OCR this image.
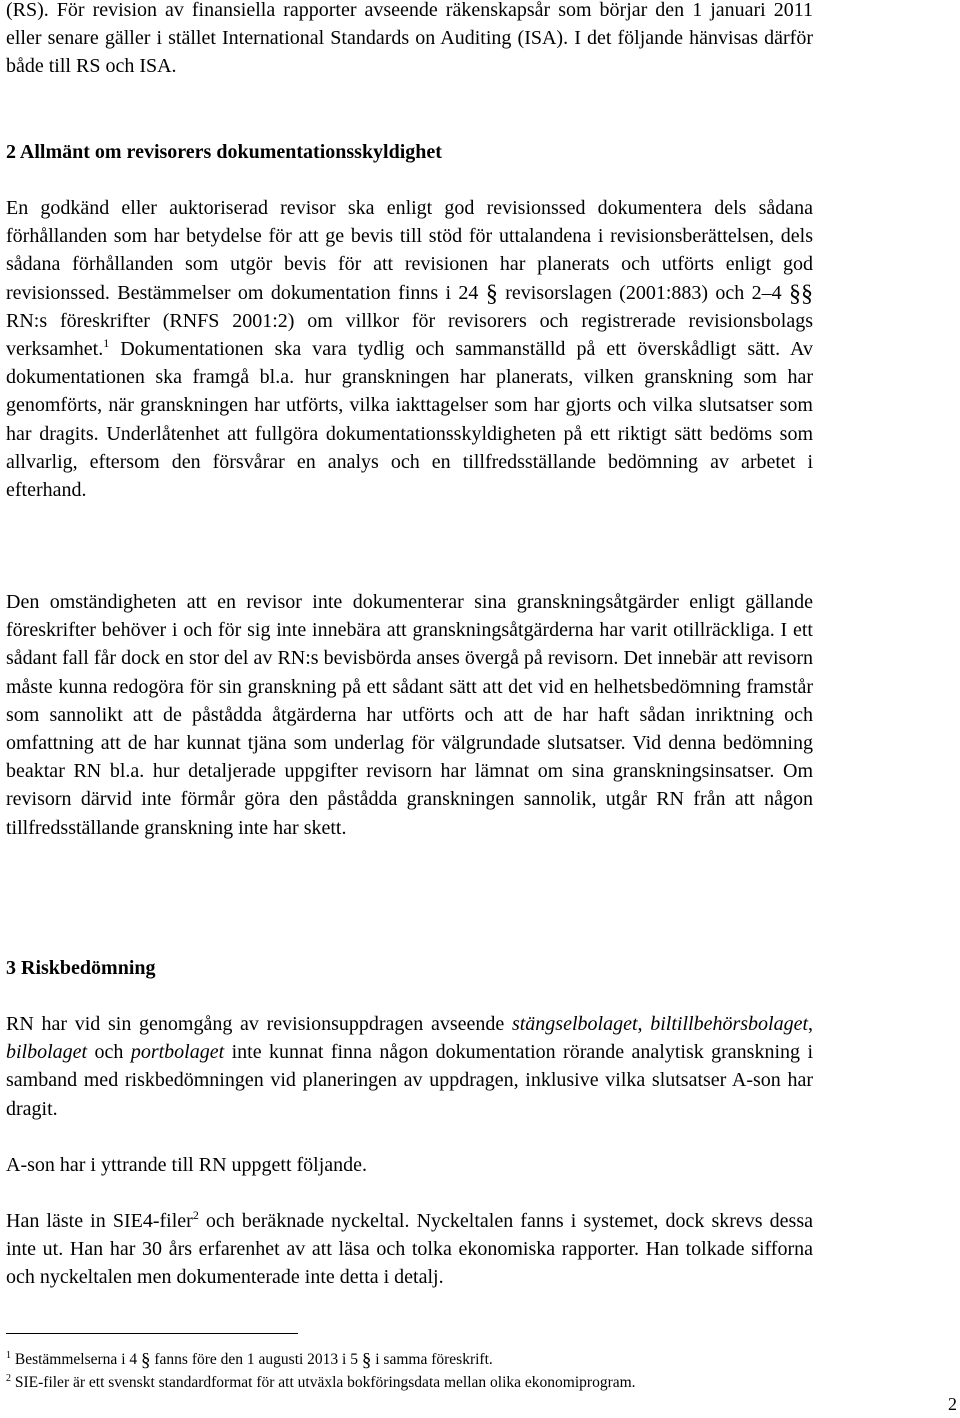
(RS). För revision av finansiella rapporter avseende räkenskapsår som börjar den 1 januari 2011 eller senare gäller i stället International Standards on Auditing (ISA). I det följande hänvisas därför både till RS och ISA.

2 Allmänt om revisorers dokumentationsskyldighet

En godkänd eller auktoriserad revisor ska enligt god revisionssed dokumentera dels sådana förhållanden som har betydelse för att ge bevis till stöd för uttalandena i revisionsberättelsen, dels sådana förhållanden som utgör bevis för att revisionen har planerats och utförts enligt god revisionssed. Bestämmelser om dokumentation finns i 24 § revisorslagen (2001:883) och 2–4 §§ RN:s föreskrifter (RNFS 2001:2) om villkor för revisorers och registrerade revisionsbolags verksamhet.$^1$ Dokumentationen ska vara tydlig och sammanställd på ett överskådligt sätt. Av dokumentationen ska framgå bl.a. hur granskningen har planerats, vilken granskning som har genomförts, när granskningen har utförts, vilka iakttagelser som har gjorts och vilka slutsatser som har dragits. Underlåtenhet att fullgöra dokumentationsskyldigheten på ett riktigt sätt bedöms som allvarlig, eftersom den försvårar en analys och en tillfredsställande bedömning av arbetet i efterhand.

Den omständigheten att en revisor inte dokumenterar sina granskningsåtgärder enligt gällande föreskrifter behöver i och för sig inte innebära att granskningsåtgärderna har varit otillräckliga. I ett sådant fall får dock en stor del av RN:s bevisbörda anses övergå på revisorn. Det innebär att revisorn måste kunna redogöra för sin granskning på ett sådant sätt att det vid en helhetsbedömning framstår som sannolikt att de påstådda åtgärderna har utförts och att de har haft sådan inriktning och omfattning att de har kunnat tjäna som underlag för välgrundade slutsatser. Vid denna bedömning beaktar RN bl.a. hur detaljerade uppgifter revisorn har lämnat om sina granskningsinsatser. Om revisorn därvid inte förmår göra den påstådda granskningen sannolik, utgår RN från att någon tillfredsställande granskning inte har skett.

3 Riskbedömning

RN har vid sin genomgång av revisionsuppdragen avseende stängselbolaget, biltillbehörsbolaget, bilbolaget och portbolaget inte kunnat finna någon dokumentation rörande analytisk granskning i samband med riskbedömningen vid planeringen av uppdragen, inklusive vilka slutsatser A-son har dragit.

A-son har i yttrande till RN uppgett följande.

Han läste in SIE4-filer$^2$ och beräknade nyckeltal. Nyckeltalen fanns i systemet, dock skrevs dessa inte ut. Han har 30 års erfarenhet av att läsa och tolka ekonomiska rapporter. Han tolkade sifforna och nyckeltalen men dokumenterade inte detta i detalj.

$^1$ Bestämmelserna i 4 § fanns före den 1 augusti 2013 i 5 § i samma föreskrift.
$^2$ SIE-filer är ett svenskt standardformat för att utväxla bokföringsdata mellan olika ekonomiprogram.
2
